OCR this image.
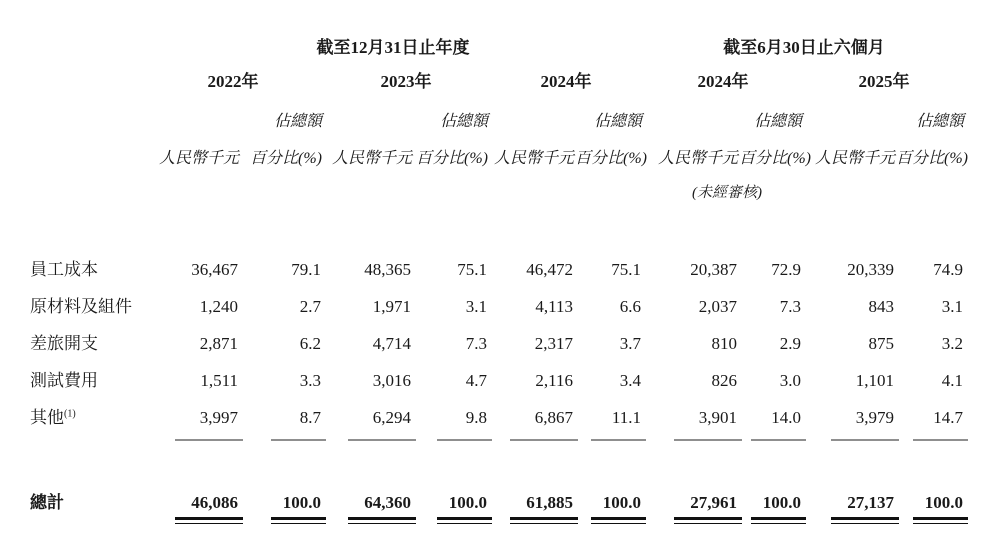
	截至12月31日止年度						截至6月30日止六個月			
	2022年		2023年		2024年		2024年		2025年	
		佔總額		佔總額		佔總額		佔總額		佔總額
	人民幣千元	百分比(%)	人民幣千元	百分比(%)	人民幣千元	百分比(%)	人民幣千元	百分比(%)	人民幣千元	百分比(%)
							(未經審核)			

員工成本	36,467	79.1	48,365	75.1	46,472	75.1	20,387	72.9	20,339	74.9
原材料及組件	1,240	2.7	1,971	3.1	4,113	6.6	2,037	7.3	843	3.1
差旅開支	2,871	6.2	4,714	7.3	2,317	3.7	810	2.9	875	3.2
測試費用	1,511	3.3	3,016	4.7	2,116	3.4	826	3.0	1,101	4.1
其他$^{(1)}$	3,997	8.7	6,294	9.8	6,867	11.1	3,901	14.0	3,979	14.7

總計	46,086	100.0	64,360	100.0	61,885	100.0	27,961	100.0	27,137	100.0
